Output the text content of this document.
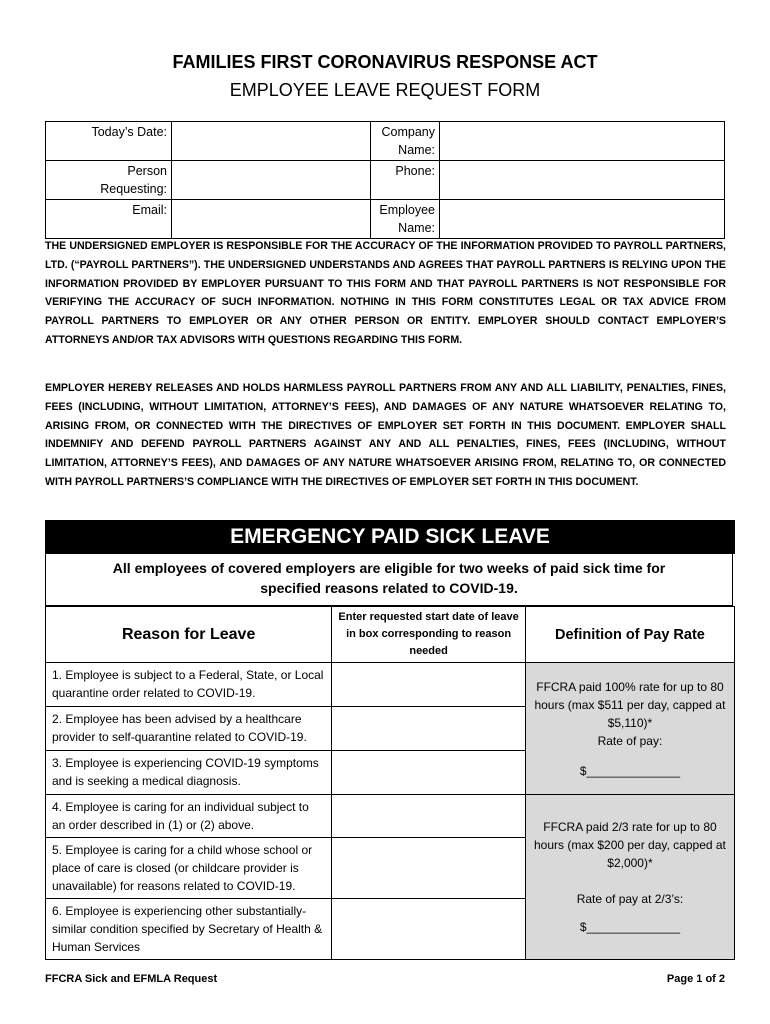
FAMILIES FIRST CORONAVIRUS RESPONSE ACT
EMPLOYEE LEAVE REQUEST FORM
Today’s Date:		Company
Name:	
Person
Requesting:		Phone:	
Email:		Employee
Name:	

THE UNDERSIGNED EMPLOYER IS RESPONSIBLE FOR THE ACCURACY OF THE INFORMATION PROVIDED TO PAYROLL PARTNERS, LTD. (“PAYROLL PARTNERS”). THE UNDERSIGNED UNDERSTANDS AND AGREES THAT PAYROLL PARTNERS IS RELYING UPON THE INFORMATION PROVIDED BY EMPLOYER PURSUANT TO THIS FORM AND THAT PAYROLL PARTNERS IS NOT RESPONSIBLE FOR VERIFYING THE ACCURACY OF SUCH INFORMATION. NOTHING IN THIS FORM CONSTITUTES LEGAL OR TAX ADVICE FROM PAYROLL PARTNERS TO EMPLOYER OR ANY OTHER PERSON OR ENTITY. EMPLOYER SHOULD CONTACT EMPLOYER’S ATTORNEYS AND/OR TAX ADVISORS WITH QUESTIONS REGARDING THIS FORM.

EMPLOYER HEREBY RELEASES AND HOLDS HARMLESS PAYROLL PARTNERS FROM ANY AND ALL LIABILITY, PENALTIES, FINES, FEES (INCLUDING, WITHOUT LIMITATION, ATTORNEY’S FEES), AND DAMAGES OF ANY NATURE WHATSOEVER RELATING TO, ARISING FROM, OR CONNECTED WITH THE DIRECTIVES OF EMPLOYER SET FORTH IN THIS DOCUMENT. EMPLOYER SHALL INDEMNIFY AND DEFEND PAYROLL PARTNERS AGAINST ANY AND ALL PENALTIES, FINES, FEES (INCLUDING, WITHOUT LIMITATION, ATTORNEY’S FEES), AND DAMAGES OF ANY NATURE WHATSOEVER ARISING FROM, RELATING TO, OR CONNECTED WITH PAYROLL PARTNERS’S COMPLIANCE WITH THE DIRECTIVES OF EMPLOYER SET FORTH IN THIS DOCUMENT.

EMERGENCY PAID SICK LEAVE
All employees of covered employers are eligible for two weeks of paid sick time for
specified reasons related to COVID-19.
Reason for Leave	Enter requested start date of leave in box corresponding to reason needed	Definition of Pay Rate
1. Employee is subject to a Federal, State, or Local quarantine order related to COVID-19.		FFCRA paid 100% rate for up to 80 hours (max $511 per day, capped at $5,110)*
Rate of pay:
$______________

2. Employee has been advised by a healthcare provider to self-quarantine related to COVID-19.		
3. Employee is experiencing COVID-19 symptoms and is seeking a medical diagnosis.		
4. Employee is caring for an individual subject to an order described in (1) or (2) above.		FFCRA paid 2/3 rate for up to 80 hours (max $200 per day, capped at $2,000)*
Rate of pay at 2/3’s:
$______________

5. Employee is caring for a child whose school or place of care is closed (or childcare provider is unavailable) for reasons related to COVID-19.		
6. Employee is experiencing other substantially-similar condition specified by Secretary of Health & Human Services		
FFCRA Sick and EFMLA Request	Page 1 of 2
